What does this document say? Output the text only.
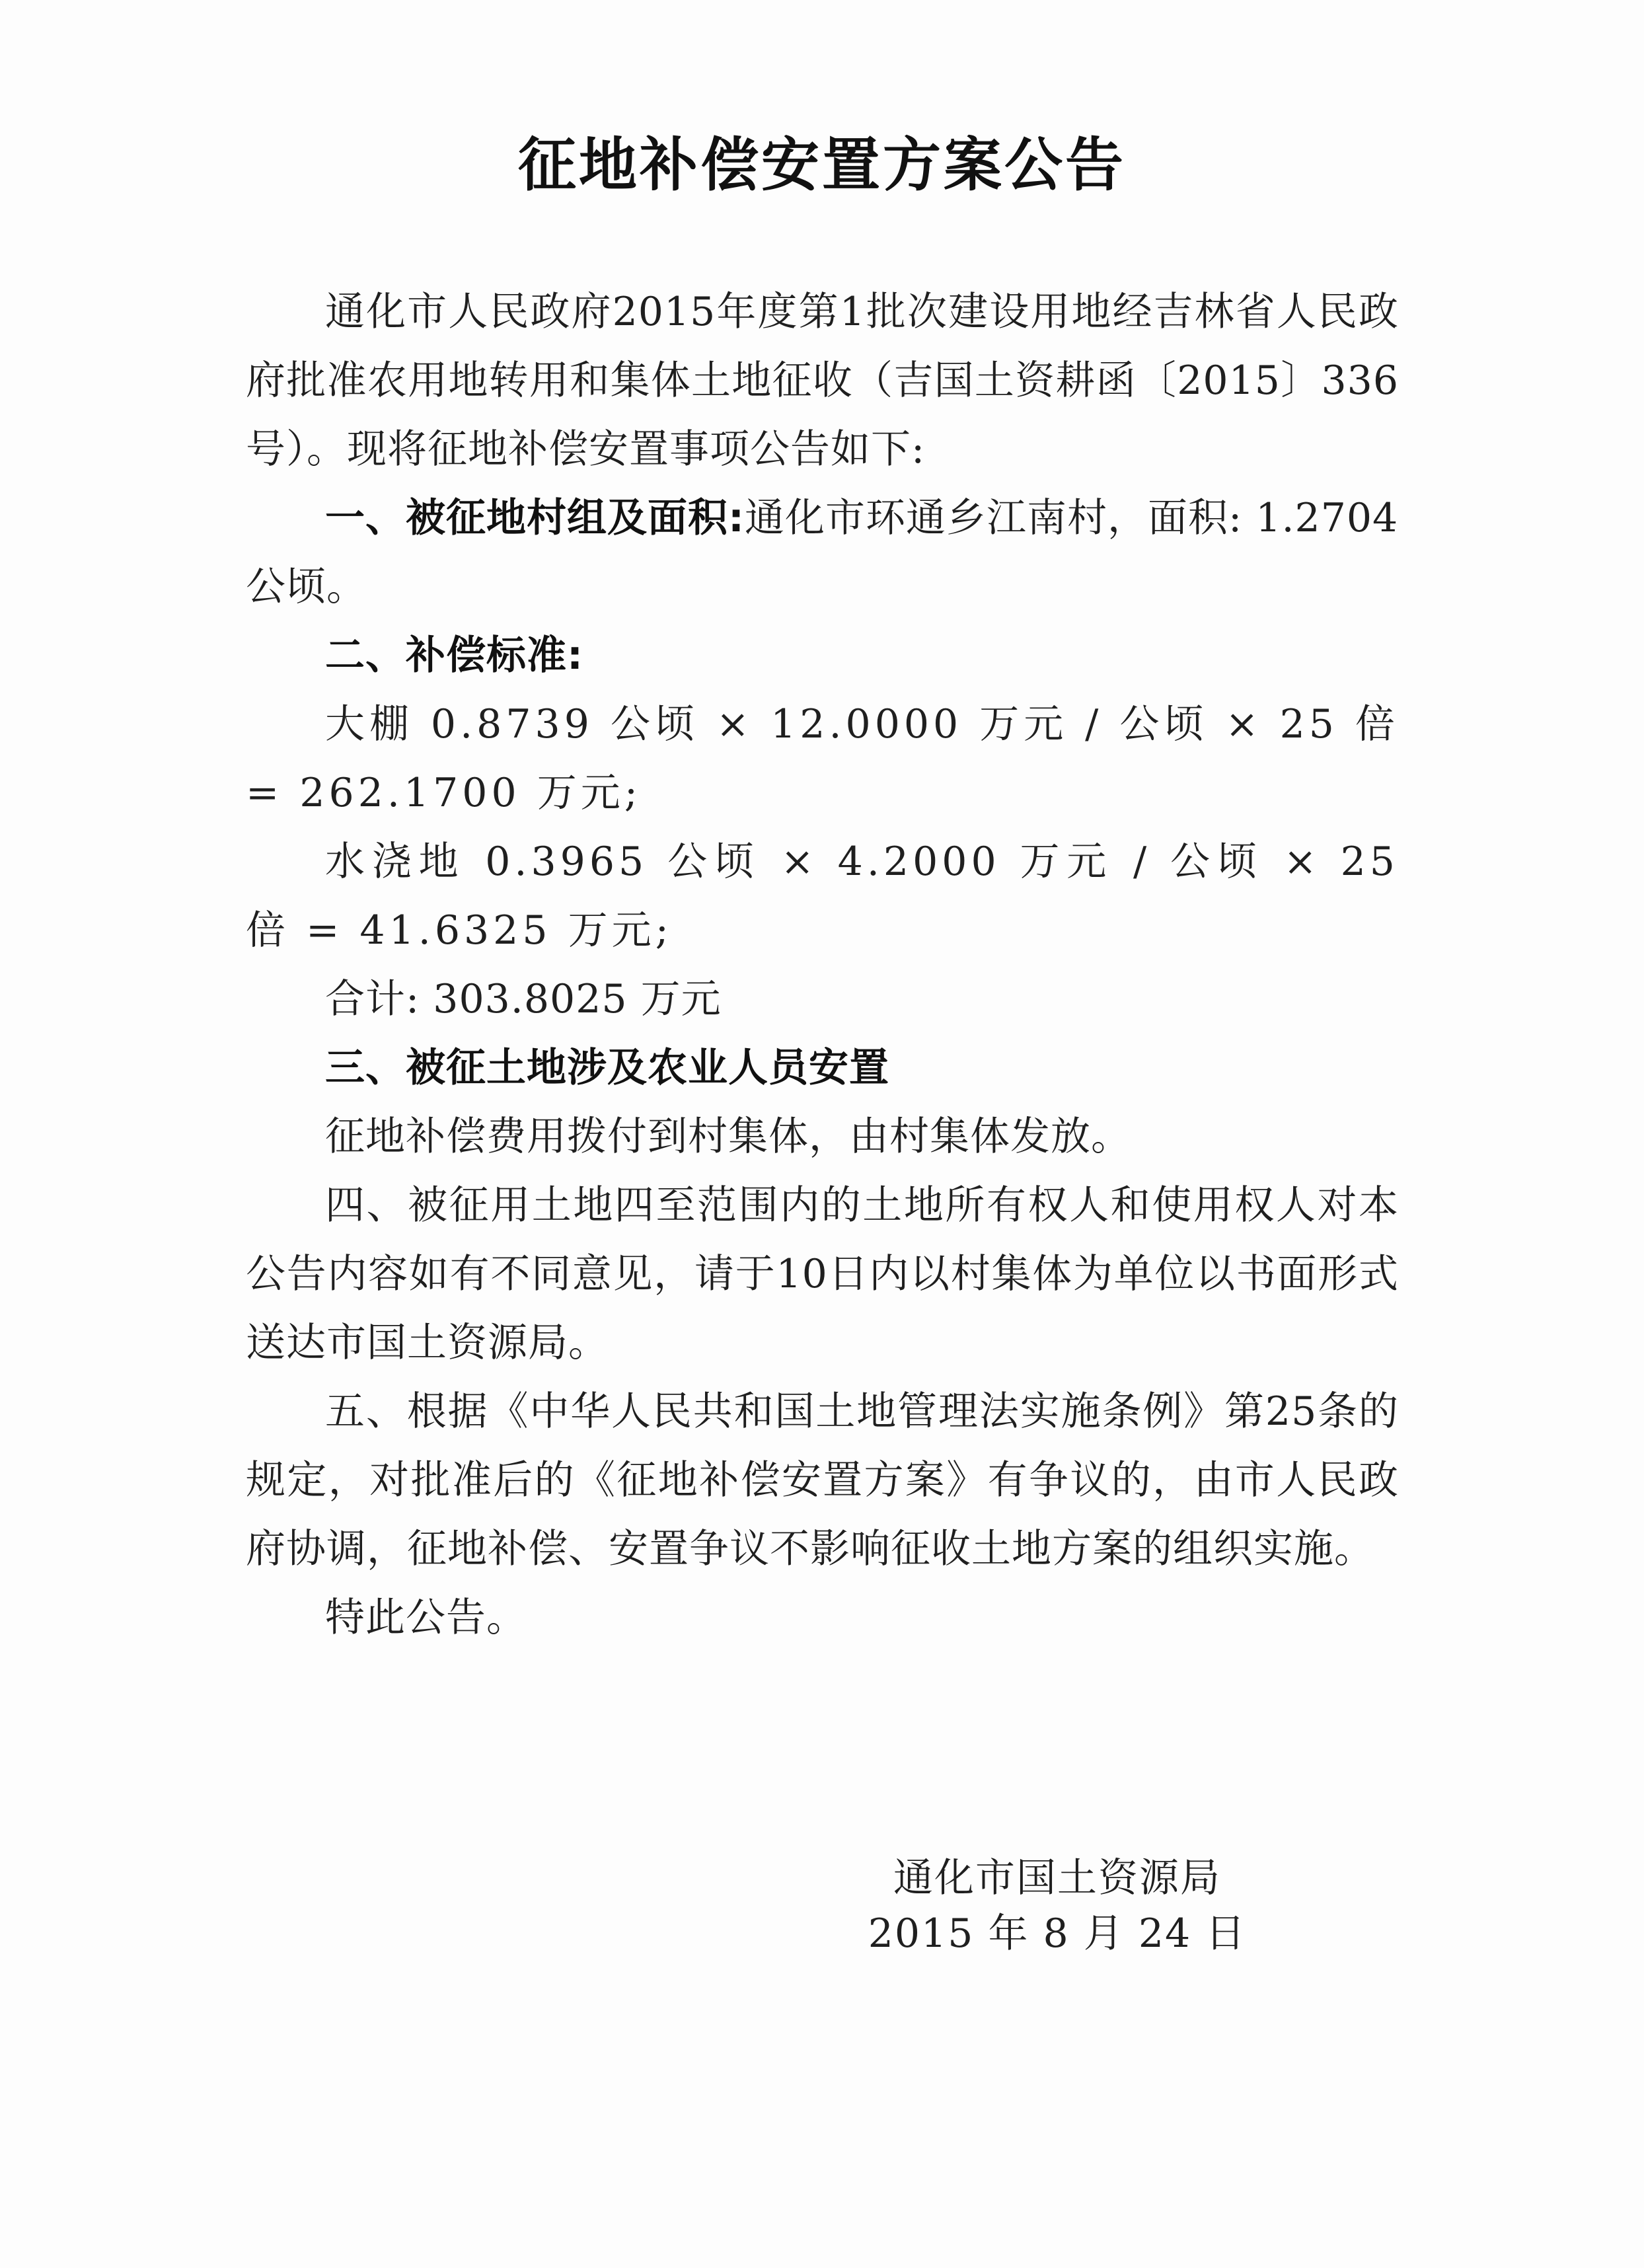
征地补偿安置方案公告

通化市人民政府2015年度第1批次建设用地经吉林省人民政府批准农用地转用和集体土地征收（吉国土资耕函〔2015〕336号）。现将征地补偿安置事项公告如下:

一、被征地村组及面积:通化市环通乡江南村，面积: 1.2704公顷。

二、补偿标准:

大棚 0.8739 公顷 × 12.0000 万元 / 公顷 × 25 倍 = 262.1700 万元;

水浇地 0.3965 公顷 × 4.2000 万元 / 公顷 × 25 倍 = 41.6325 万元;

合计: 303.8025 万元

三、被征土地涉及农业人员安置

征地补偿费用拨付到村集体，由村集体发放。

四、被征用土地四至范围内的土地所有权人和使用权人对本公告内容如有不同意见，请于10日内以村集体为单位以书面形式送达市国土资源局。

五、根据《中华人民共和国土地管理法实施条例》第25条的规定，对批准后的《征地补偿安置方案》有争议的，由市人民政府协调，征地补偿、安置争议不影响征收土地方案的组织实施。

特此公告。

通化市国土资源局
2015 年 8 月 24 日
